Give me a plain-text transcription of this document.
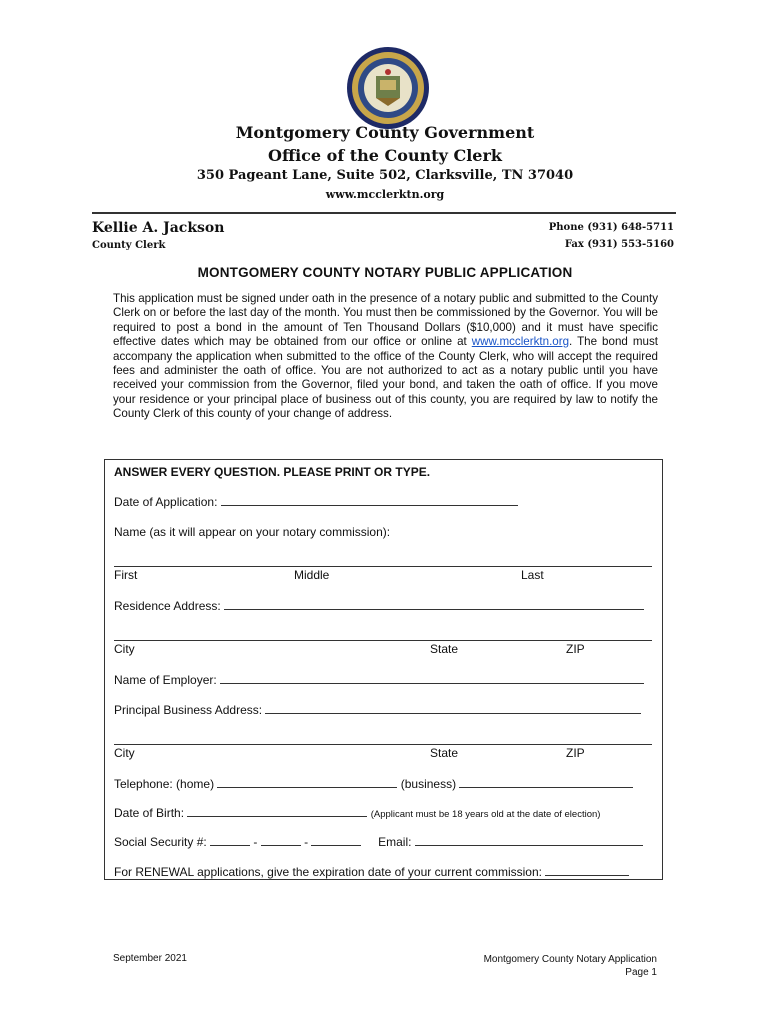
Montgomery County Government
Office of the County Clerk
350 Pageant Lane, Suite 502, Clarksville, TN 37040
www.mcclerktn.org
Kellie A. Jackson
County Clerk
Phone (931) 648-5711
Fax (931) 553-5160
MONTGOMERY COUNTY NOTARY PUBLIC APPLICATION
This application must be signed under oath in the presence of a notary public and submitted to the County Clerk on or before the last day of the month. You must then be commissioned by the Governor. You will be required to post a bond in the amount of Ten Thousand Dollars ($10,000) and it must have specific effective dates which may be obtained from our office or online at www.mcclerktn.org. The bond must accompany the application when submitted to the office of the County Clerk, who will accept the required fees and administer the oath of office. You are not authorized to act as a notary public until you have received your commission from the Governor, filed your bond, and taken the oath of office. If you move your residence or your principal place of business out of this county, you are required by law to notify the County Clerk of this county of your change of address.
ANSWER EVERY QUESTION. PLEASE PRINT OR TYPE.
Date of Application:
Name (as it will appear on your notary commission):
First	Middle	Last
Residence Address:
City	State	ZIP
Name of Employer:
Principal Business Address:
City	State	ZIP
Telephone: (home)	(business)
Date of Birth:	(Applicant must be 18 years old at the date of election)
Social Security #:	-	-	Email:
For RENEWAL applications, give the expiration date of your current commission:
September 2021	Montgomery County Notary Application
Page 1
